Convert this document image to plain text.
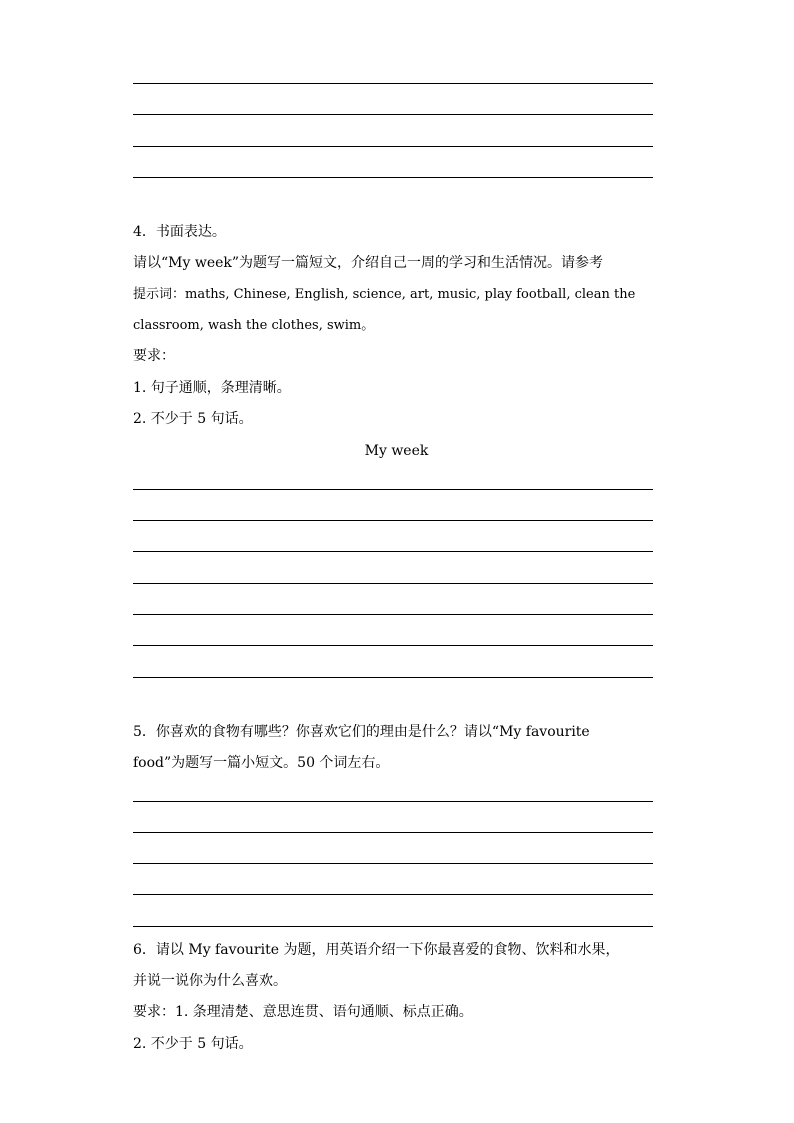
4．书面表达。
请以“My week”为题写一篇短文，介绍自己一周的学习和生活情况。请参考
提示词：maths, Chinese, English, science, art, music, play football, clean the
classroom, wash the clothes, swim。
要求：
1. 句子通顺，条理清晰。
2. 不少于 5 句话。
My week
5．你喜欢的食物有哪些？你喜欢它们的理由是什么？请以“My favourite
food”为题写一篇小短文。50 个词左右。
6．请以 My favourite 为题，用英语介绍一下你最喜爱的食物、饮料和水果，
并说一说你为什么喜欢。
要求：1. 条理清楚、意思连贯、语句通顺、标点正确。
2. 不少于 5 句话。
